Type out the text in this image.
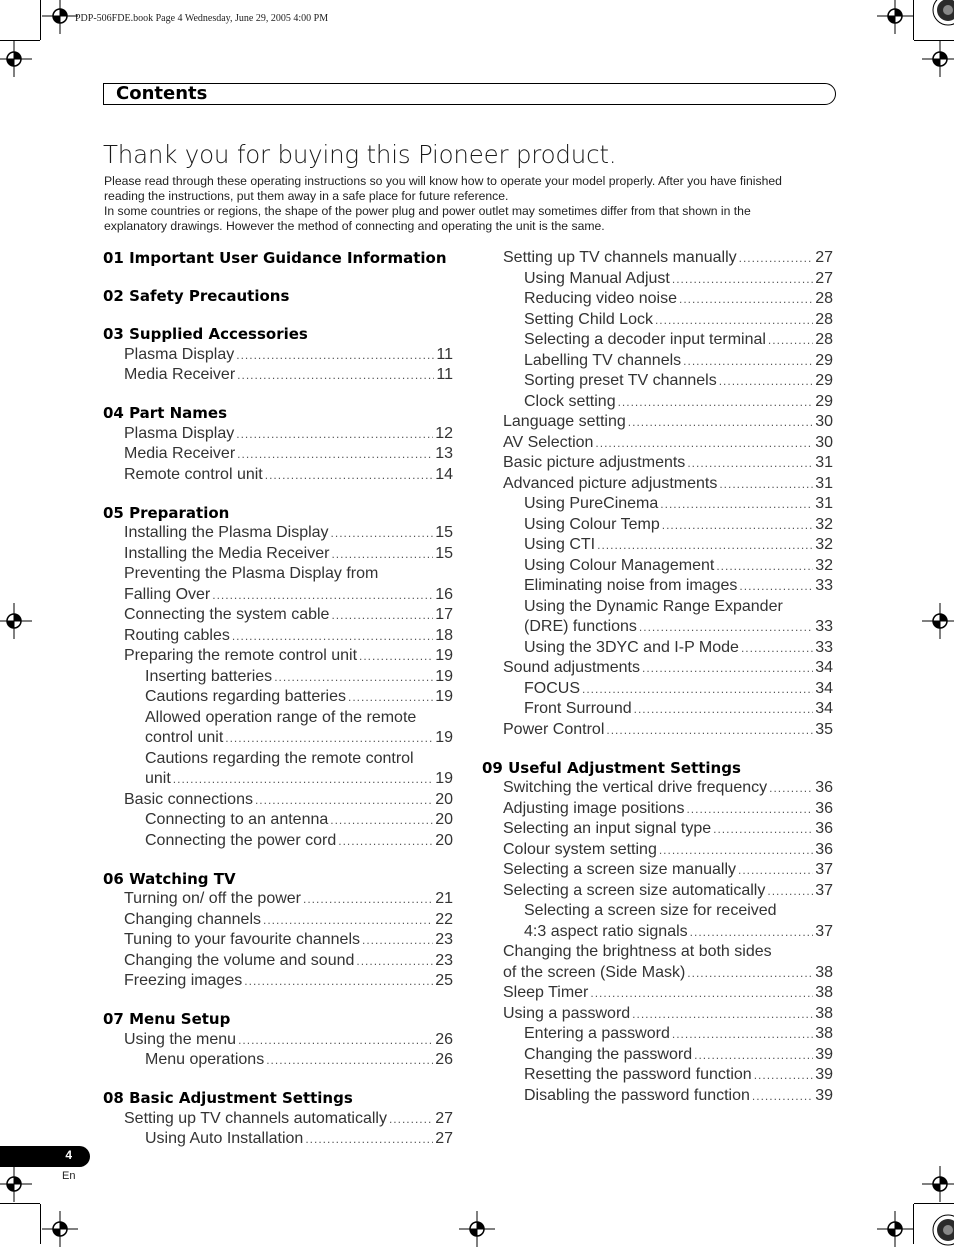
PDP-506FDE.book Page 4 Wednesday, June 29, 2005 4:00 PM
Contents
Thank you for buying this Pioneer product.

Please read through these operating instructions so you will know how to operate your model properly. After you have finished

reading the instructions, put them away in a safe place for future reference.

In some countries or regions, the shape of the power plug and power outlet may sometimes differ from that shown in the

explanatory drawings. However the method of connecting and operating the unit is the same.

01 Important User Guidance Information
02 Safety Precautions
03 Supplied Accessories
Plasma Display .....	11
Media Receiver .....	11
04 Part Names
Plasma Display .....	12
Media Receiver .....	13
Remote control unit .....	14
05 Preparation
Installing the Plasma Display .....	15
Installing the Media Receiver .....	15
Preventing the Plasma Display from
Falling Over .....	16
Connecting the system cable .....	17
Routing cables .....	18
Preparing the remote control unit .....	19
Inserting batteries .....	19
Cautions regarding batteries .....	19
Allowed operation range of the remote
control unit .....	19
Cautions regarding the remote control
unit .....	19
Basic connections .....	20
Connecting to an antenna .....	20
Connecting the power cord .....	20
06 Watching TV
Turning on/ off the power .....	21
Changing channels .....	22
Tuning to your favourite channels .....	23
Changing the volume and sound .....	23
Freezing images .....	25
07 Menu Setup
Using the menu .....	26
Menu operations .....	26
08 Basic Adjustment Settings
Setting up TV channels automatically .....	27
Using Auto Installation .....	27
Setting up TV channels manually .....	27
Using Manual Adjust .....	27
Reducing video noise .....	28
Setting Child Lock .....	28
Selecting a decoder input terminal .....	28
Labelling TV channels .....	29
Sorting preset TV channels .....	29
Clock setting .....	29
Language setting .....	30
AV Selection .....	30
Basic picture adjustments .....	31
Advanced picture adjustments .....	31
Using PureCinema .....	31
Using Colour Temp .....	32
Using CTI .....	32
Using Colour Management .....	32
Eliminating noise from images .....	33
Using the Dynamic Range Expander
(DRE) functions .....	33
Using the 3DYC and I-P Mode .....	33
Sound adjustments .....	34
FOCUS .....	34
Front Surround .....	34
Power Control .....	35
09 Useful Adjustment Settings
Switching the vertical drive frequency .....	36
Adjusting image positions .....	36
Selecting an input signal type .....	36
Colour system setting .....	36
Selecting a screen size manually .....	37
Selecting a screen size automatically .....	37
Selecting a screen size for received
4:3 aspect ratio signals .....	37
Changing the brightness at both sides
of the screen (Side Mask) .....	38
Sleep Timer .....	38
Using a password .....	38
Entering a password .....	38
Changing the password .....	39
Resetting the password function .....	39
Disabling the password function .....	39
4
En
